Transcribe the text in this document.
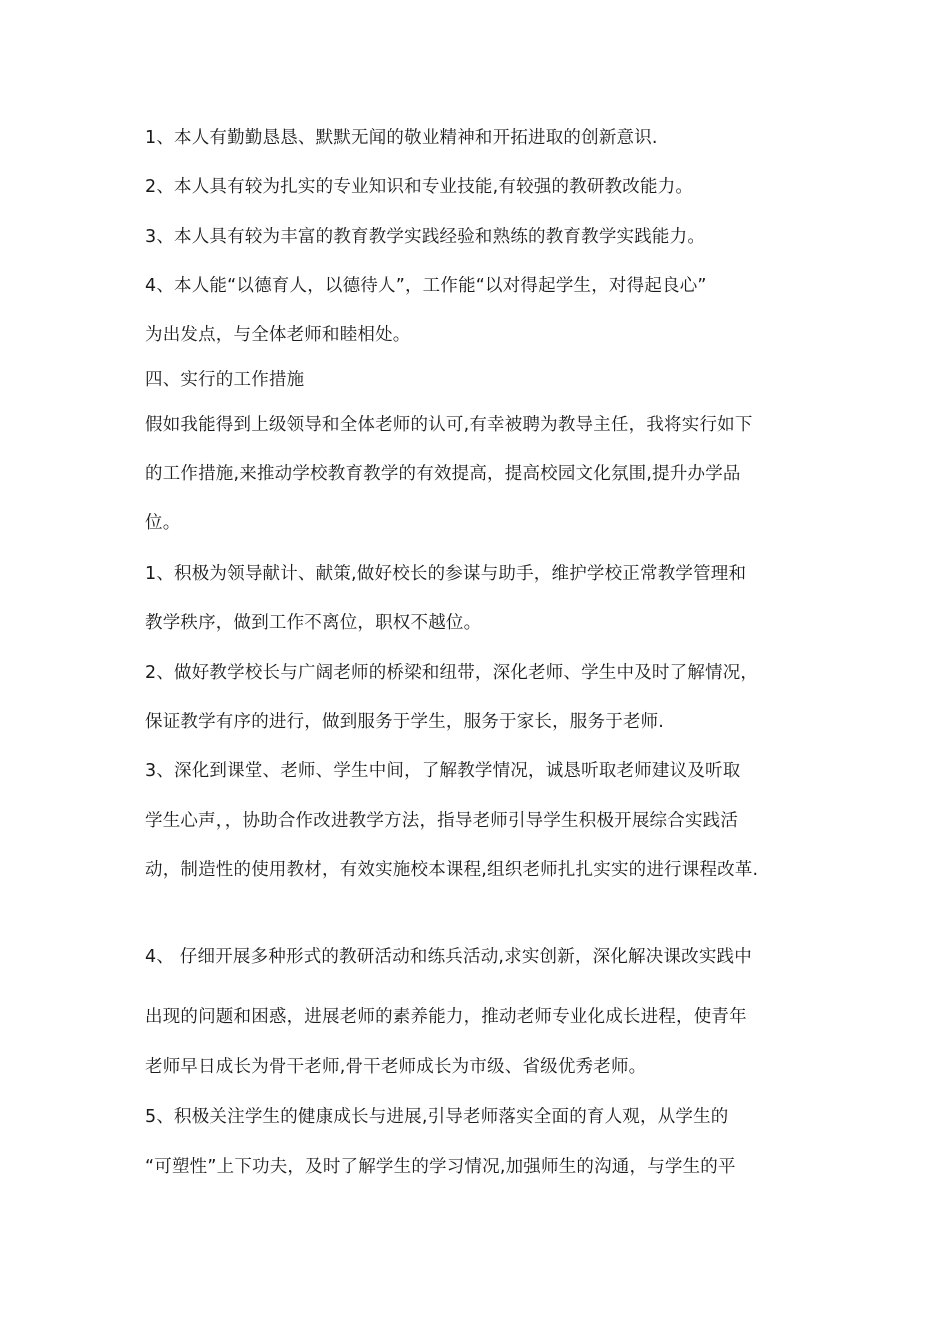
1、本人有勤勤恳恳、默默无闻的敬业精神和开拓进取的创新意识.
2、本人具有较为扎实的专业知识和专业技能,有较强的教研教改能力。
3、本人具有较为丰富的教育教学实践经验和熟练的教育教学实践能力。
4、本人能“以德育人，以德待人”，工作能“以对得起学生，对得起良心”
为出发点，与全体老师和睦相处。
四、实行的工作措施
假如我能得到上级领导和全体老师的认可,有幸被聘为教导主任，我将实行如下
的工作措施,来推动学校教育教学的有效提高，提高校园文化氛围,提升办学品
位。
1、积极为领导献计、献策,做好校长的参谋与助手，维护学校正常教学管理和
教学秩序，做到工作不离位，职权不越位。
2、做好教学校长与广阔老师的桥梁和纽带，深化老师、学生中及时了解情况，
保证教学有序的进行，做到服务于学生，服务于家长，服务于老师.
3、深化到课堂、老师、学生中间，了解教学情况，诚恳听取老师建议及听取
学生心声，，协助合作改进教学方法，指导老师引导学生积极开展综合实践活
动，制造性的使用教材，有效实施校本课程,组织老师扎扎实实的进行课程改革.
4、 仔细开展多种形式的教研活动和练兵活动,求实创新，深化解决课改实践中
出现的问题和困惑，进展老师的素养能力，推动老师专业化成长进程，使青年
老师早日成长为骨干老师,骨干老师成长为市级、省级优秀老师。
5、积极关注学生的健康成长与进展,引导老师落实全面的育人观，从学生的
“可塑性”上下功夫，及时了解学生的学习情况,加强师生的沟通，与学生的平
